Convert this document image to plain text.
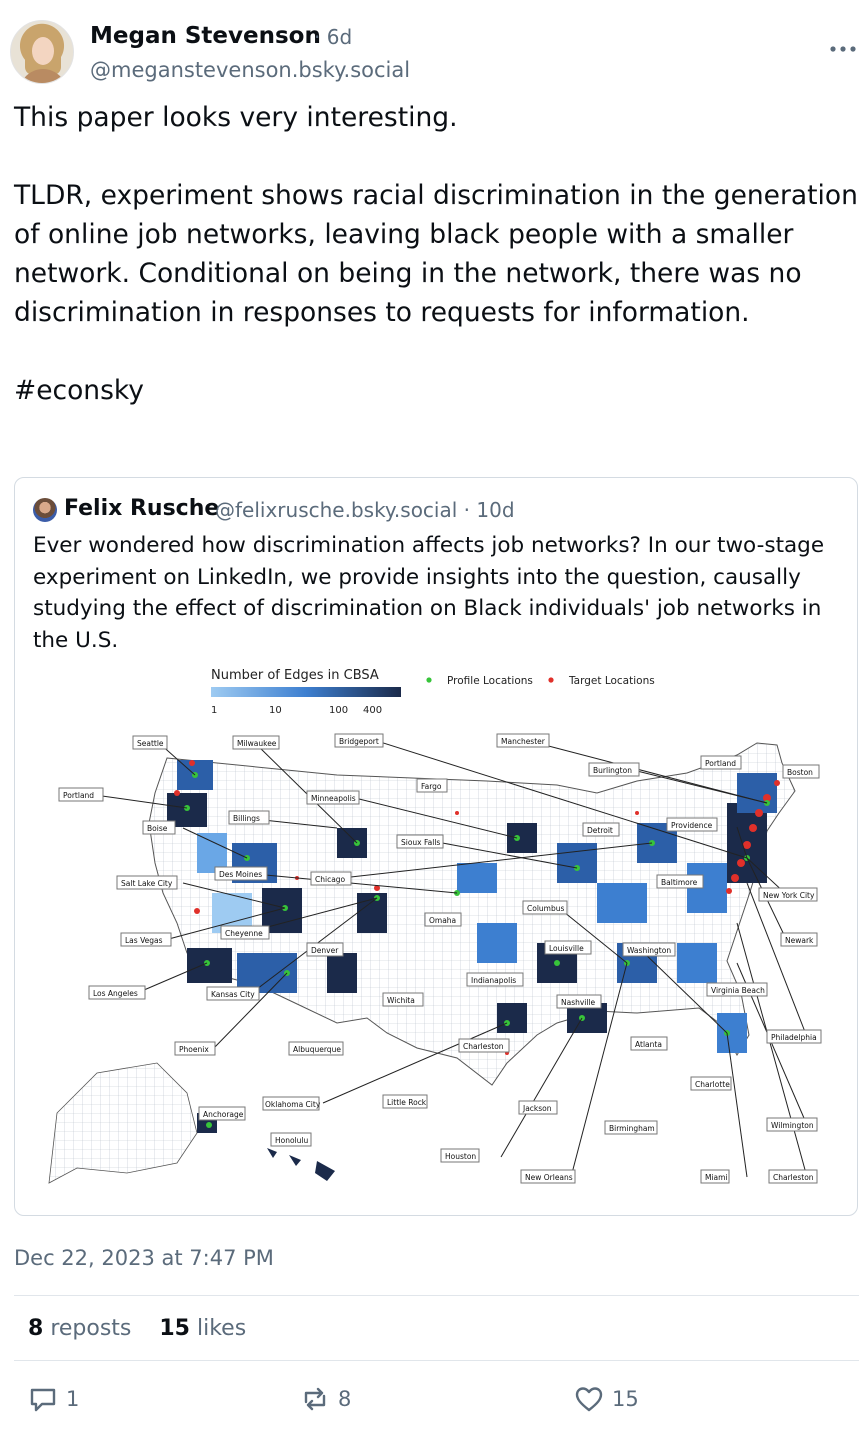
Megan Stevenson
· 6d
@meganstevenson.bsky.social
This paper looks very interesting.

TLDR, experiment shows racial discrimination in the generation of online job networks, leaving black people with a smaller network. Conditional on being in the network, there was no discrimination in responses to requests for information.

#econsky
Felix Rusche
@felixrusche.bsky.social · 10d
Ever wondered how discrimination affects job networks? In our two-stage experiment on LinkedIn, we provide insights into the question, causally studying the effect of discrimination on Black individuals' job networks in the U.S.
Number of Edges in CBSA
1	10	100 400
Profile Locations	Target Locations
Seattle	Milwaukee	Bridgeport	Manchester
Portland
Boston
Burlington
Portland
Minneapolis
Fargo
Billings
Boise	Providence
Detroit
Sioux Falls
Des Moines
Chicago
Salt Lake City	Baltimore
New York City
Columbus
Omaha
Cheyenne
Las Vegas
Denver	Louisville	Washington
Newark
Indianapolis
Los Angeles	Kansas City
Wichita	Nashville
Virginia Beach
Phoenix	Albuquerque	Charleston	Atlanta
Philadelphia
Charlotte
Anchorage
Oklahoma City	Little Rock
Jackson
Birmingham	Wilmington
Honolulu
Houston
New Orleans	Miami	Charleston
Dec 22, 2023 at 7:47 PM
8 reposts 15 likes
1	8	15
